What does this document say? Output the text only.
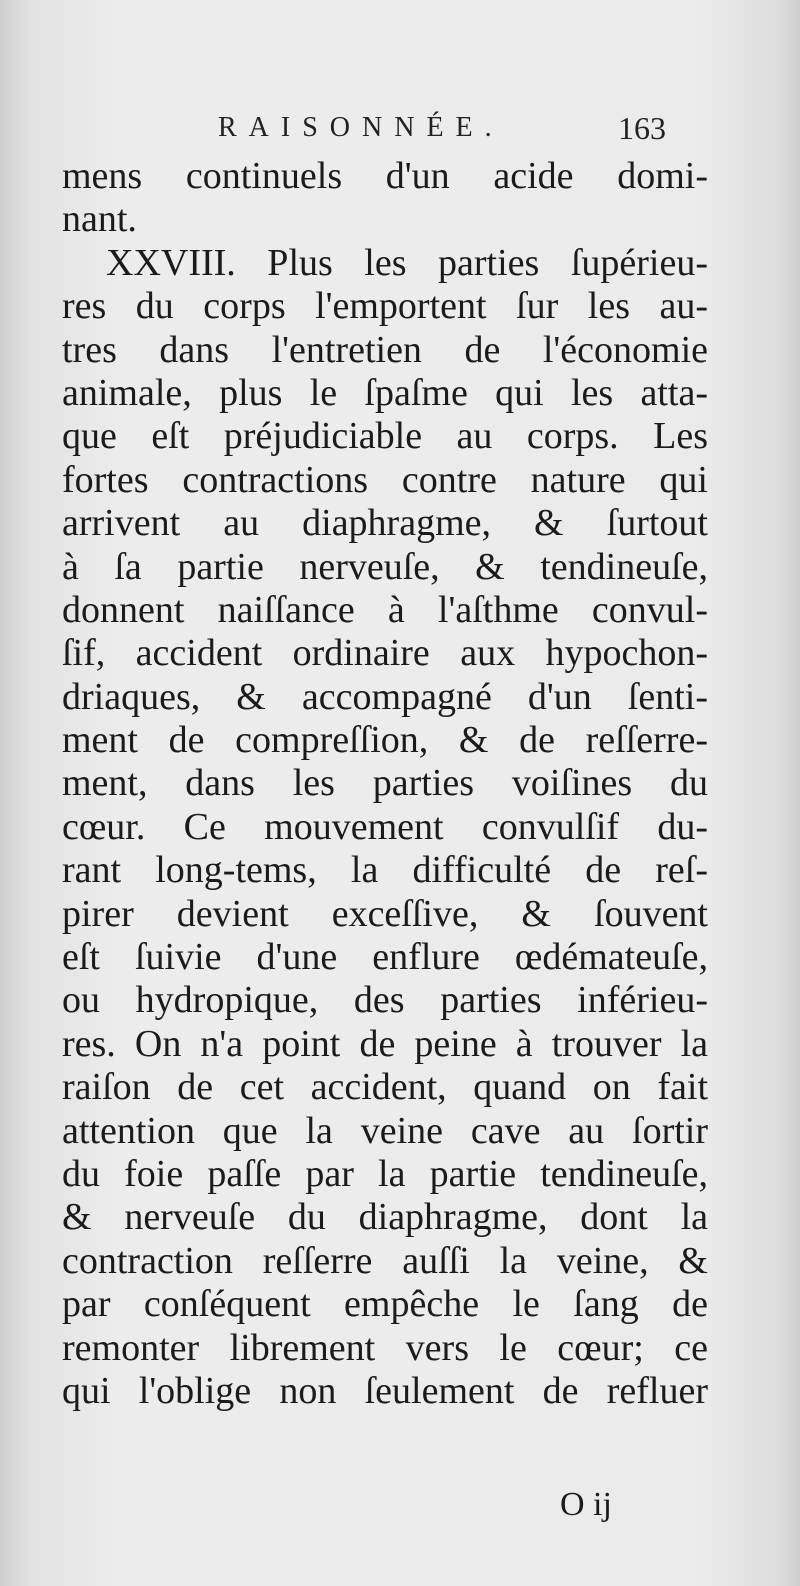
RAISONNÉE.	163
mens continuels d'un acide domi-
nant.
XXVIII. Plus les parties ſupérieu-
res du corps l'emportent ſur les au-
tres dans l'entretien de l'économie
animale, plus le ſpaſme qui les atta-
que eſt préjudiciable au corps. Les
fortes contractions contre nature qui
arrivent au diaphragme, & ſurtout
à ſa partie nerveuſe, & tendineuſe,
donnent naiſſance à l'aſthme convul-
ſif, accident ordinaire aux hypochon-
driaques, & accompagné d'un ſenti-
ment de compreſſion, & de reſſerre-
ment, dans les parties voiſines du
cœur. Ce mouvement convulſif du-
rant long-tems, la difficulté de reſ-
pirer devient exceſſive, & ſouvent
eſt ſuivie d'une enflure œdémateuſe,
ou hydropique, des parties inférieu-
res. On n'a point de peine à trouver la
raiſon de cet accident, quand on fait
attention que la veine cave au ſortir
du foie paſſe par la partie tendineuſe,
& nerveuſe du diaphragme, dont la
contraction reſſerre auſſi la veine, &
par conſéquent empêche le ſang de
remonter librement vers le cœur; ce
qui l'oblige non ſeulement de refluer
O ij
